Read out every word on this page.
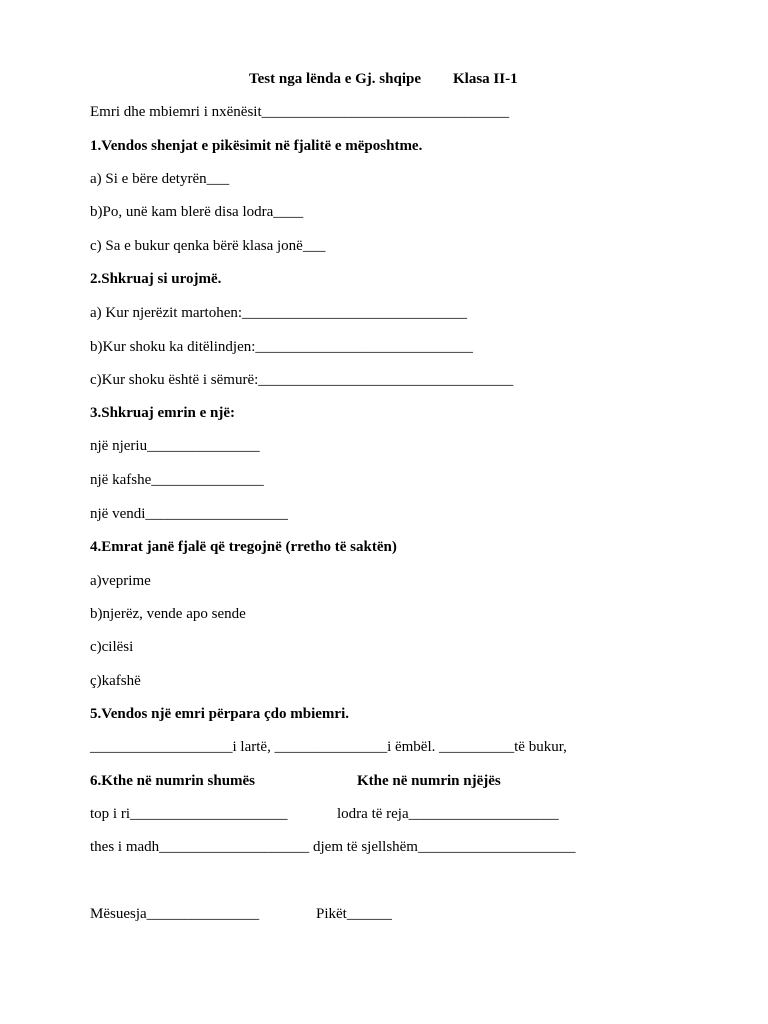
Test nga lënda e Gj. shqipe Klasa II-1
Emri dhe mbiemri i nxënësit_________________________________
1.Vendos shenjat e pikësimit në fjalitë e mëposhtme.
a) Si e bëre detyrën___
b)Po, unë kam blerë disa lodra____
c) Sa e bukur qenka bërë klasa jonë___
2.Shkruaj si urojmë.
a) Kur njerëzit martohen:______________________________
b)Kur shoku ka ditëlindjen:_____________________________
c)Kur shoku është i sëmurë:__________________________________
3.Shkruaj emrin e një:
një njeriu_______________
një kafshe_______________
një vendi___________________
4.Emrat janë fjalë që tregojnë (rretho të saktën)
a)veprime
b)njerëz, vende apo sende
c)cilësi
ç)kafshë
5.Vendos një emri përpara çdo mbiemri.
___________________i lartë, _______________i ëmbël. __________të bukur,
6.Kthe në numrin shumës	Kthe në numrin njëjës
top i ri_____________________	lodra të reja____________________
thes i madh____________________ djem të sjellshëm_____________________
Mësuesja_______________	Pikët______
